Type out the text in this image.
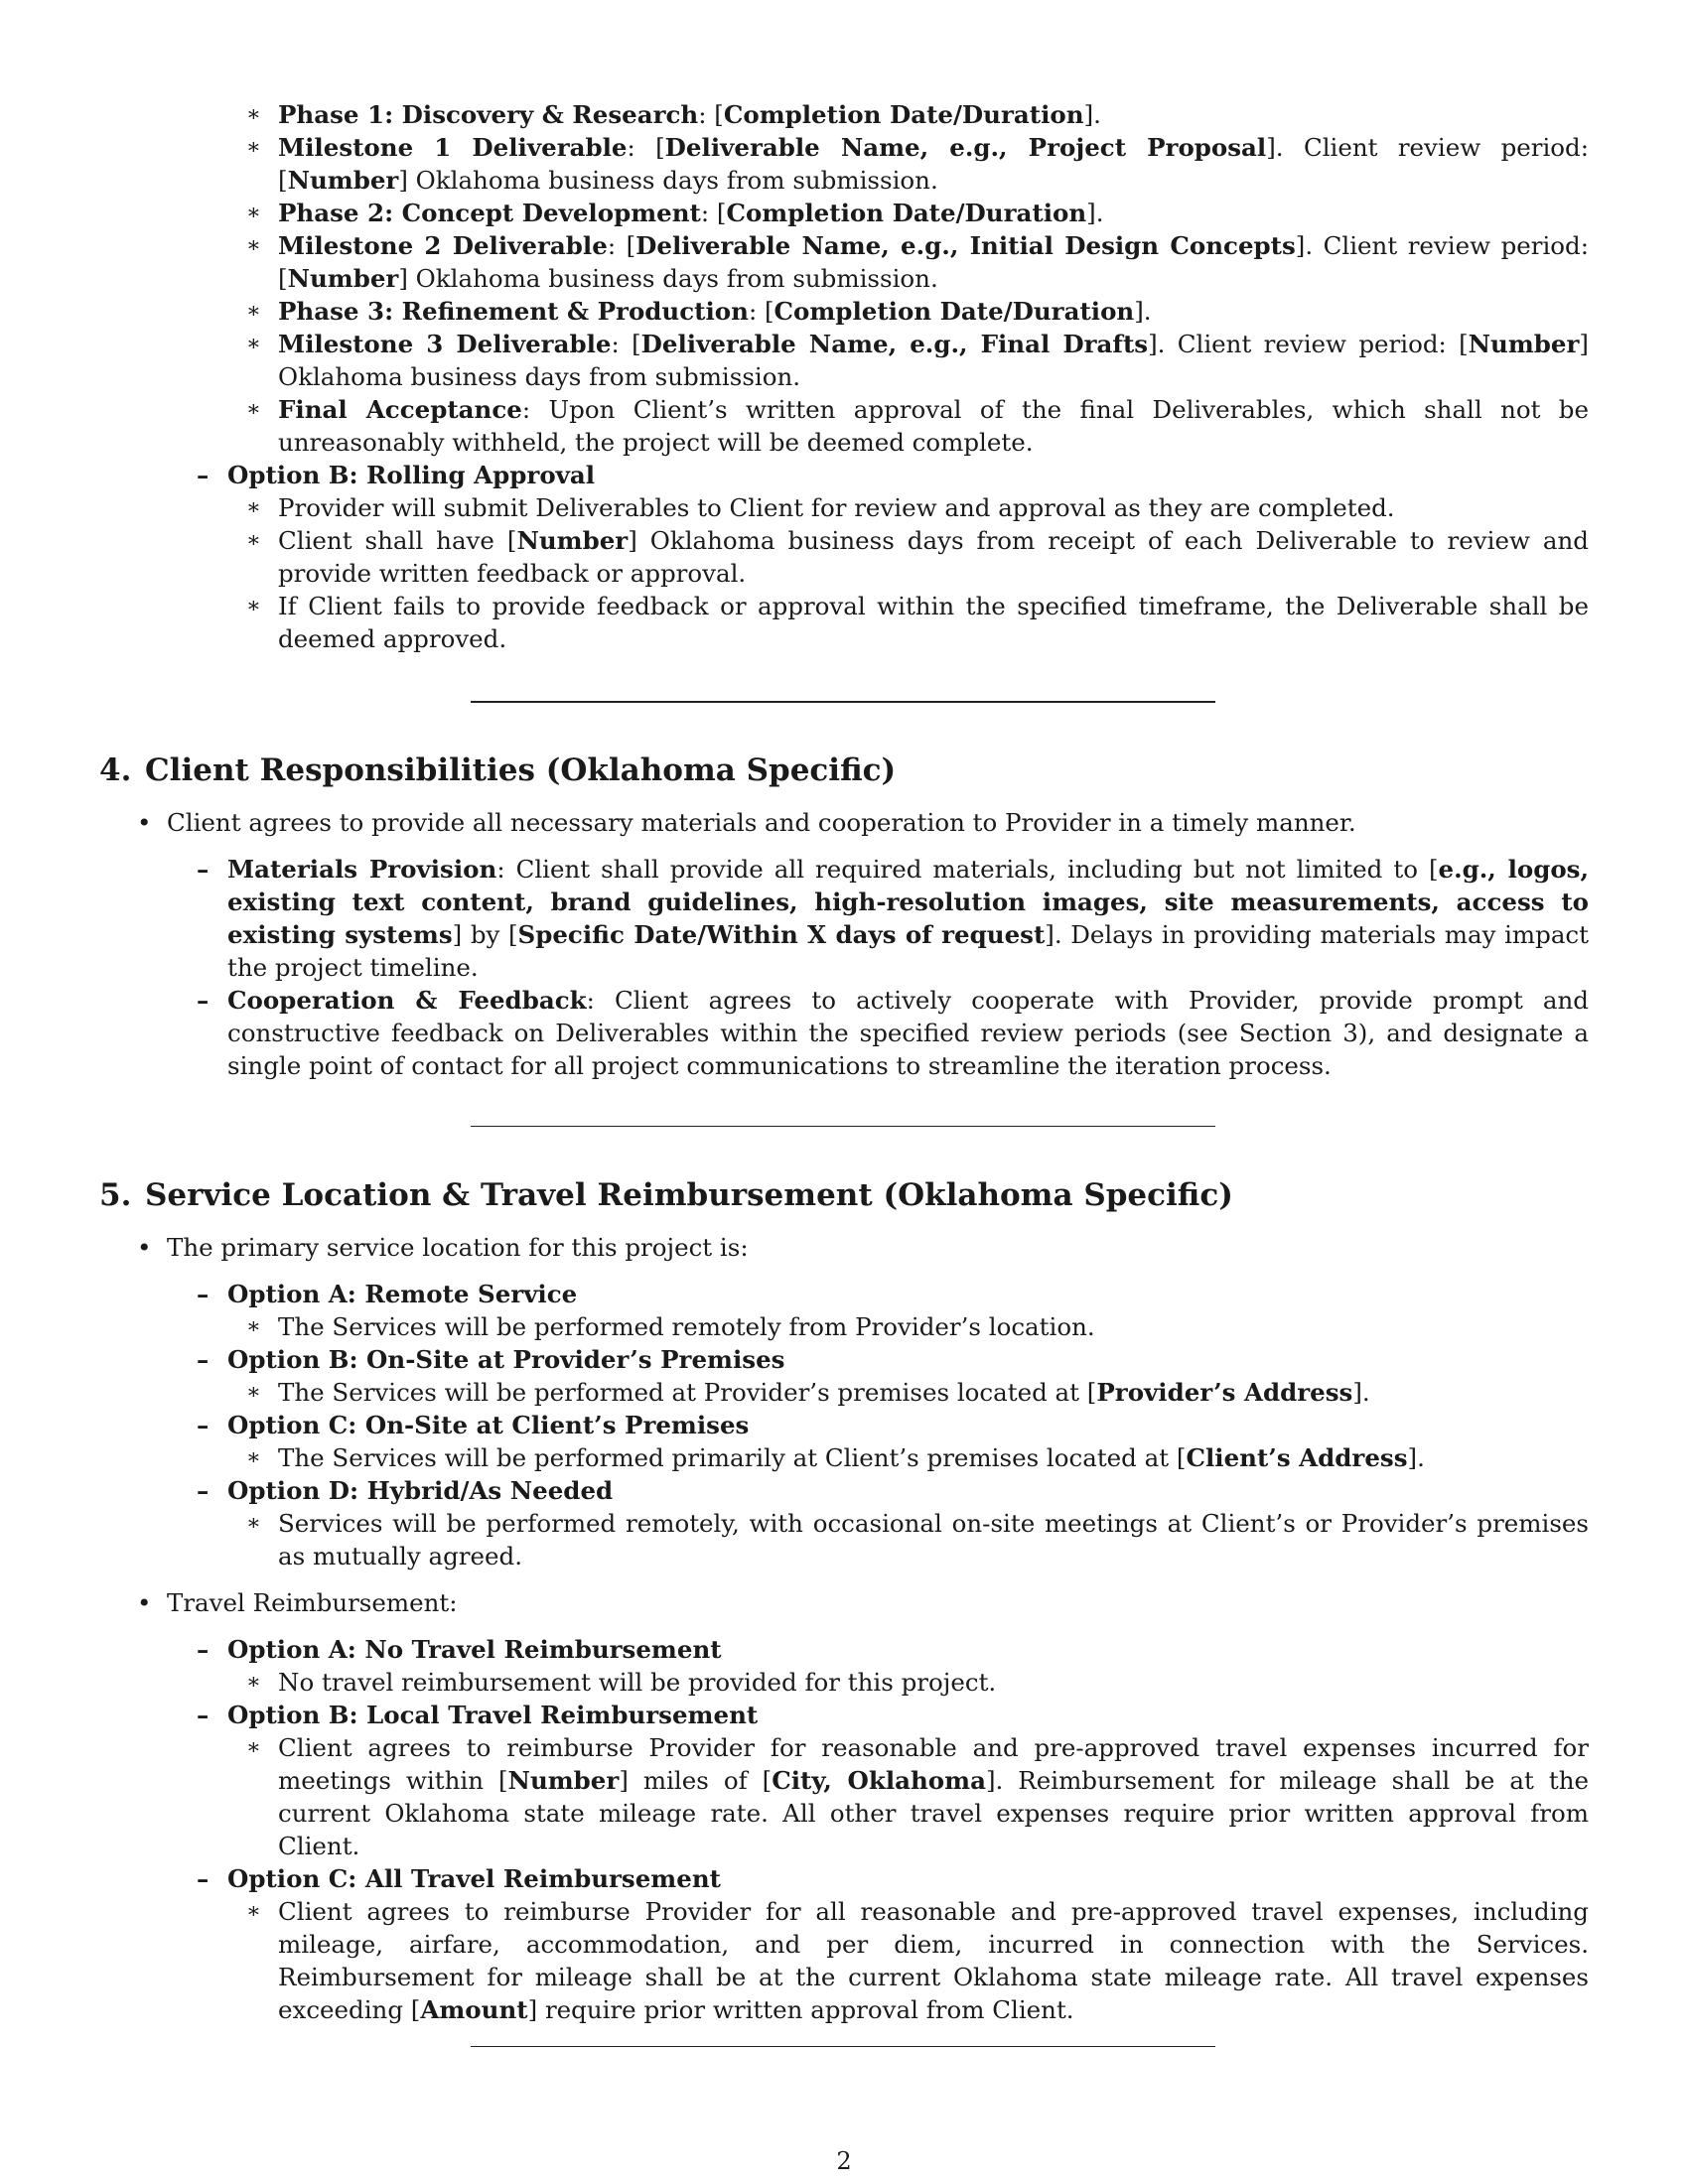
∗ Phase 1: Discovery & Research: [Completion Date/Duration].
∗ Milestone 1 Deliverable: [Deliverable Name, e.g., Project Proposal]. Client review period: [Number] Oklahoma business days from submission.
∗ Phase 2: Concept Development: [Completion Date/Duration].
∗ Milestone 2 Deliverable: [Deliverable Name, e.g., Initial Design Concepts]. Client review period: [Number] Oklahoma business days from submission.
∗ Phase 3: Refinement & Production: [Completion Date/Duration].
∗ Milestone 3 Deliverable: [Deliverable Name, e.g., Final Drafts]. Client review period: [Number] Oklahoma business days from submission.
∗ Final Acceptance: Upon Client’s written approval of the final Deliverables, which shall not be unreasonably withheld, the project will be deemed complete.
– Option B: Rolling Approval
∗ Provider will submit Deliverables to Client for review and approval as they are completed.
∗ Client shall have [Number] Oklahoma business days from receipt of each Deliverable to review and provide written feedback or approval.
∗ If Client fails to provide feedback or approval within the specified timeframe, the Deliverable shall be deemed approved.
4. Client Responsibilities (Oklahoma Specific)
• Client agrees to provide all necessary materials and cooperation to Provider in a timely manner.
– Materials Provision: Client shall provide all required materials, including but not limited to [e.g., logos, existing text content, brand guidelines, high-resolution images, site measurements, access to existing systems] by [Specific Date/Within X days of request]. Delays in providing materials may impact the project timeline.
– Cooperation & Feedback: Client agrees to actively cooperate with Provider, provide prompt and constructive feedback on Deliverables within the specified review periods (see Section 3), and designate a single point of contact for all project communications to streamline the iteration process.
5. Service Location & Travel Reimbursement (Oklahoma Specific)
• The primary service location for this project is:
– Option A: Remote Service
∗ The Services will be performed remotely from Provider’s location.
– Option B: On-Site at Provider’s Premises
∗ The Services will be performed at Provider’s premises located at [Provider’s Address].
– Option C: On-Site at Client’s Premises
∗ The Services will be performed primarily at Client’s premises located at [Client’s Address].
– Option D: Hybrid/As Needed
∗ Services will be performed remotely, with occasional on-site meetings at Client’s or Provider’s premises as mutually agreed.
• Travel Reimbursement:
– Option A: No Travel Reimbursement
∗ No travel reimbursement will be provided for this project.
– Option B: Local Travel Reimbursement
∗ Client agrees to reimburse Provider for reasonable and pre-approved travel expenses incurred for meetings within [Number] miles of [City, Oklahoma]. Reimbursement for mileage shall be at the current Oklahoma state mileage rate. All other travel expenses require prior written approval from Client.
– Option C: All Travel Reimbursement
∗ Client agrees to reimburse Provider for all reasonable and pre-approved travel expenses, including mileage, airfare, accommodation, and per diem, incurred in connection with the Services. Reimbursement for mileage shall be at the current Oklahoma state mileage rate. All travel expenses exceeding [Amount] require prior written approval from Client.
2
